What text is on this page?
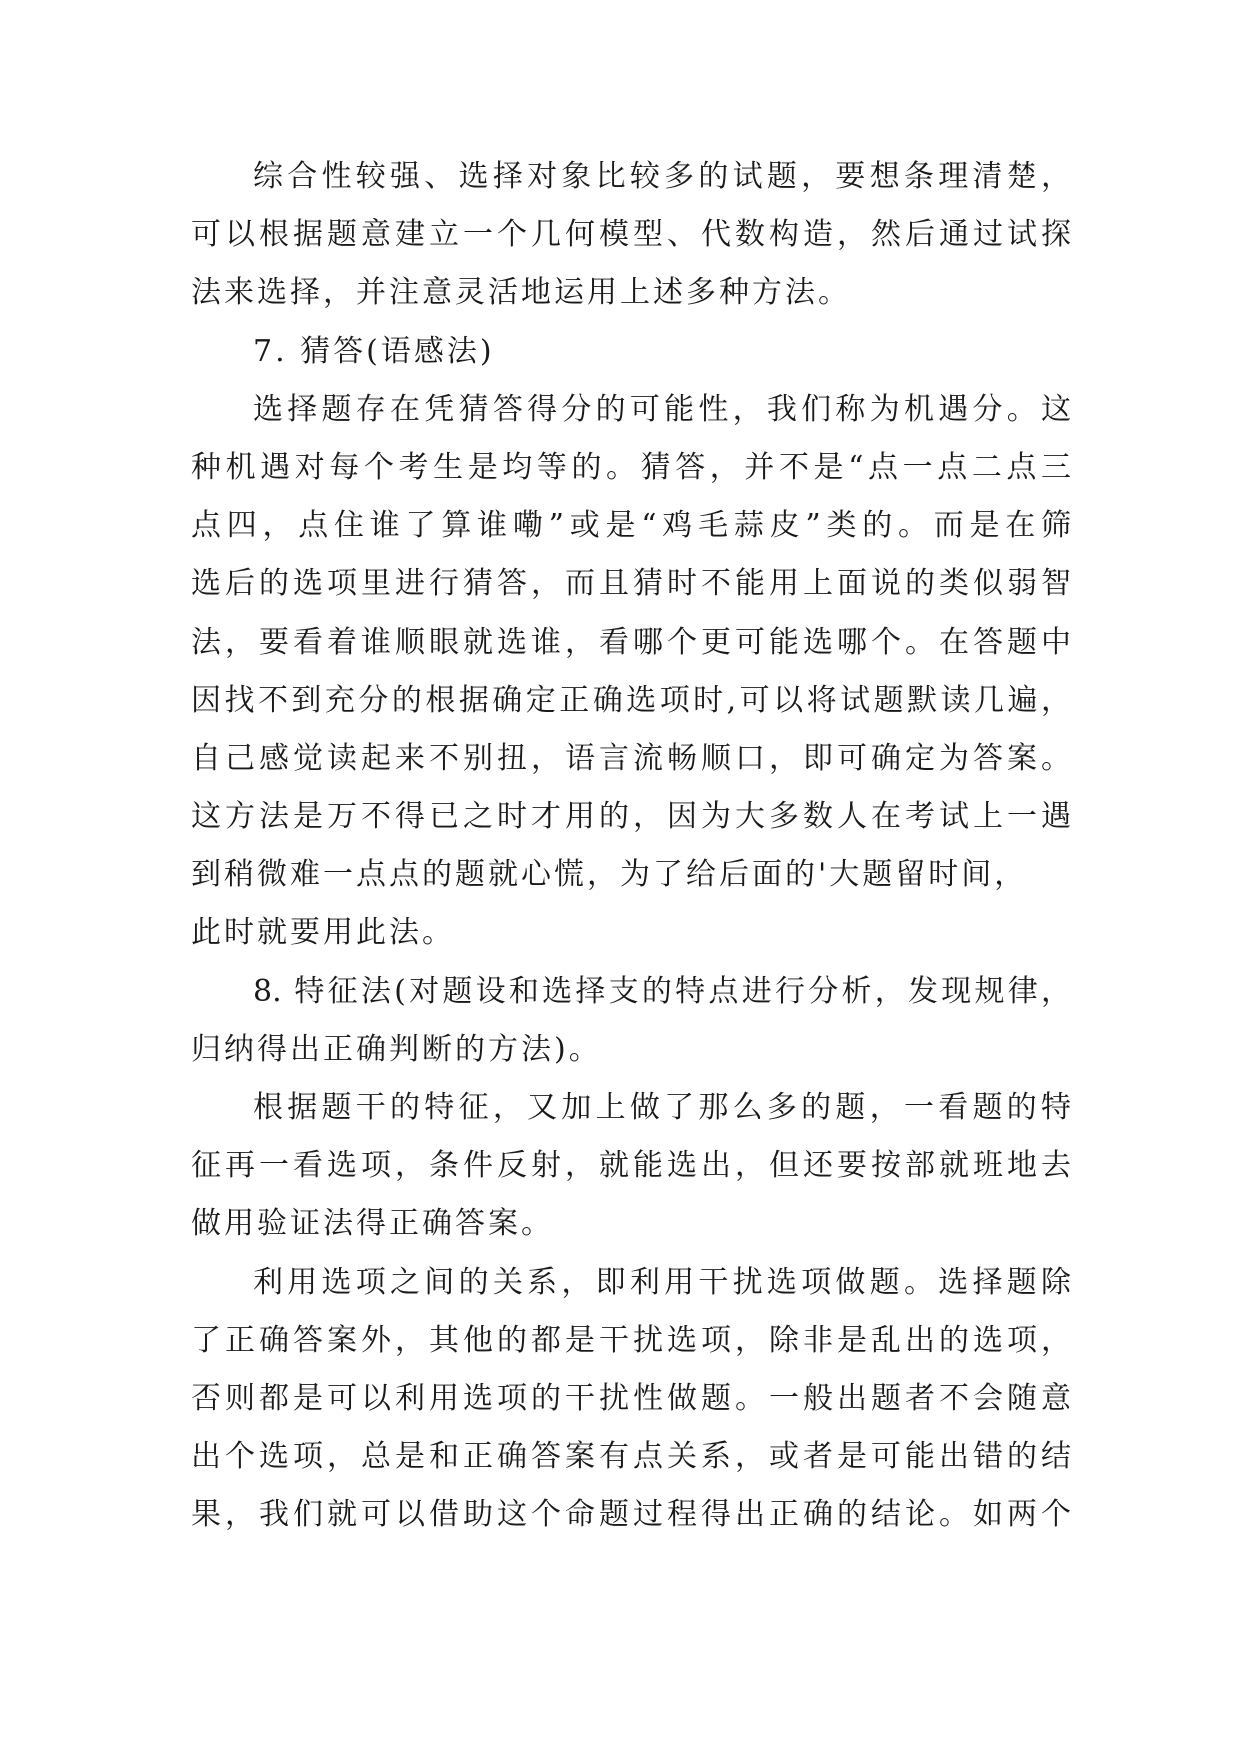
综合性较强、选择对象比较多的试题，要想条理清楚，
可以根据题意建立一个几何模型、代数构造，然后通过试探
法来选择，并注意灵活地运用上述多种方法。
7. 猜答(语感法)
选择题存在凭猜答得分的可能性，我们称为机遇分。这
种机遇对每个考生是均等的。猜答，并不是“点一点二点三
点四，点住谁了算谁嘞”或是“鸡毛蒜皮”类的。而是在筛
选后的选项里进行猜答，而且猜时不能用上面说的类似弱智
法，要看着谁顺眼就选谁，看哪个更可能选哪个。在答题中
因找不到充分的根据确定正确选项时,可以将试题默读几遍，
自己感觉读起来不别扭，语言流畅顺口，即可确定为答案。
这方法是万不得已之时才用的，因为大多数人在考试上一遇
到稍微难一点点的题就心慌，为了给后面的'大题留时间，
此时就要用此法。
8. 特征法(对题设和选择支的特点进行分析，发现规律，
归纳得出正确判断的方法)。
根据题干的特征，又加上做了那么多的题，一看题的特
征再一看选项，条件反射，就能选出，但还要按部就班地去
做用验证法得正确答案。
利用选项之间的关系，即利用干扰选项做题。选择题除
了正确答案外，其他的都是干扰选项，除非是乱出的选项，
否则都是可以利用选项的干扰性做题。一般出题者不会随意
出个选项，总是和正确答案有点关系，或者是可能出错的结
果，我们就可以借助这个命题过程得出正确的结论。如两个
